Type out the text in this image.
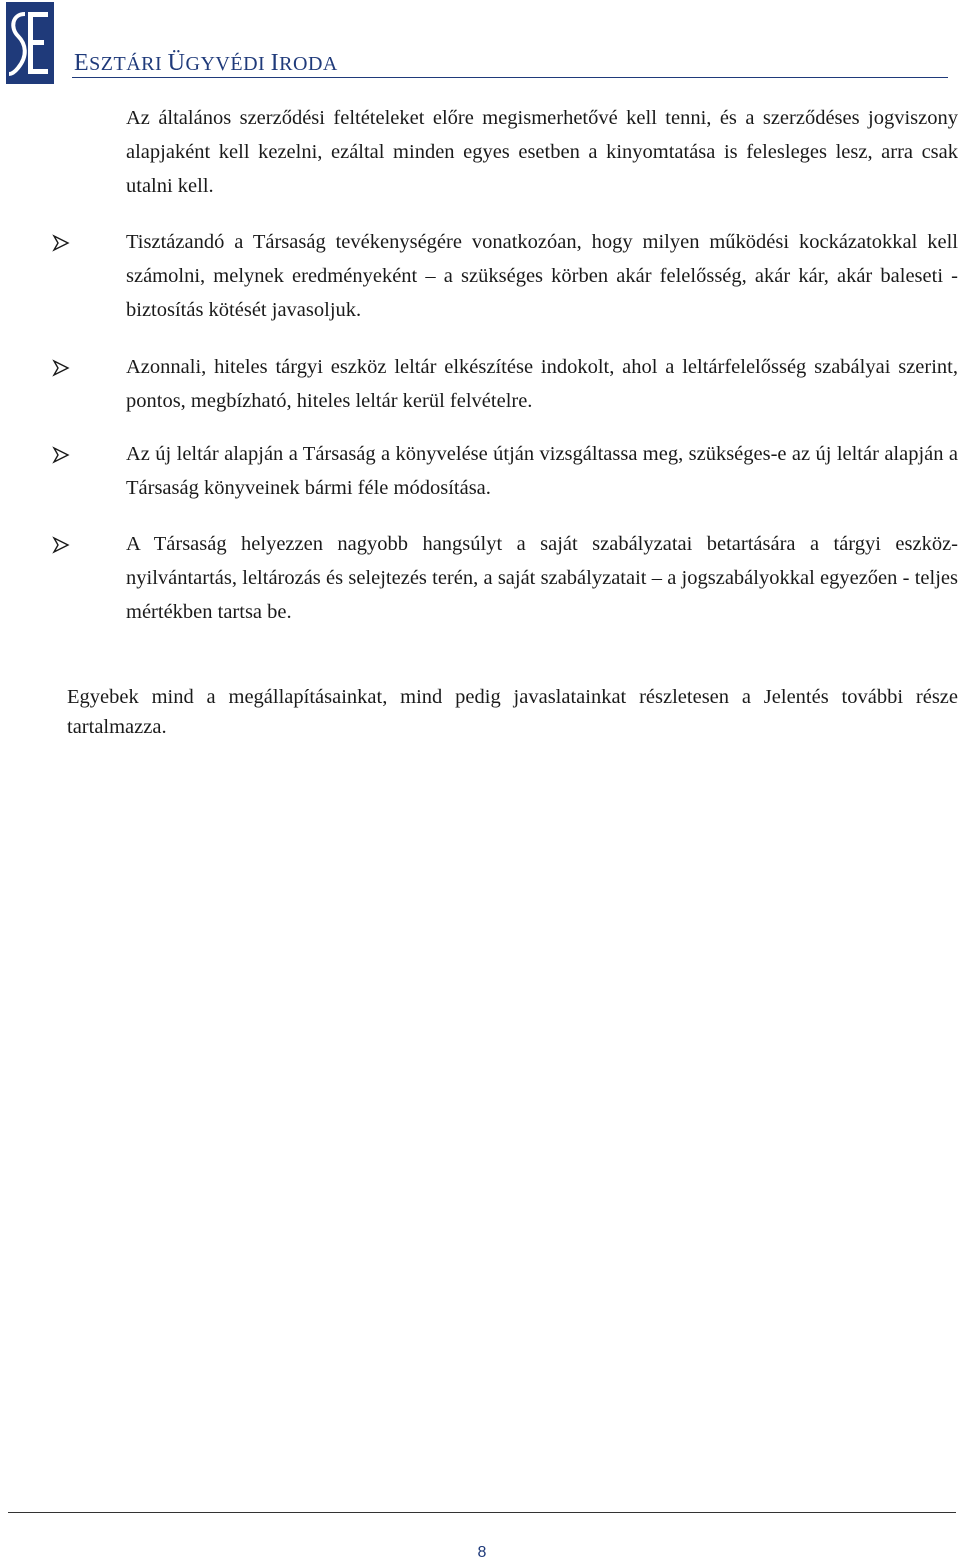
ESZTÁRI ÜGYVÉDI IRODA

Az általános szerződési feltételeket előre megismerhetővé kell tenni, és a szerződéses jogviszony alapjaként kell kezelni, ezáltal minden egyes esetben a kinyomtatása is felesleges lesz, arra csak utalni kell.

Tisztázandó a Társaság tevékenységére vonatkozóan, hogy milyen működési kockázatokkal kell számolni, melynek eredményeként – a szükséges körben akár felelősség, akár kár, akár baleseti - biztosítás kötését javasoljuk.

Azonnali, hiteles tárgyi eszköz leltár elkészítése indokolt, ahol a leltárfelelősség szabályai szerint, pontos, megbízható, hiteles leltár kerül felvételre.

Az új leltár alapján a Társaság a könyvelése útján vizsgáltassa meg, szükséges-e az új leltár alapján a Társaság könyveinek bármi féle módosítása.

A Társaság helyezzen nagyobb hangsúlyt a saját szabályzatai betartására a tárgyi eszköz-nyilvántartás, leltározás és selejtezés terén, a saját szabályzatait – a jogszabályokkal egyezően - teljes mértékben tartsa be.

Egyebek mind a megállapításainkat, mind pedig javaslatainkat részletesen a Jelentés további része tartalmazza.

8
